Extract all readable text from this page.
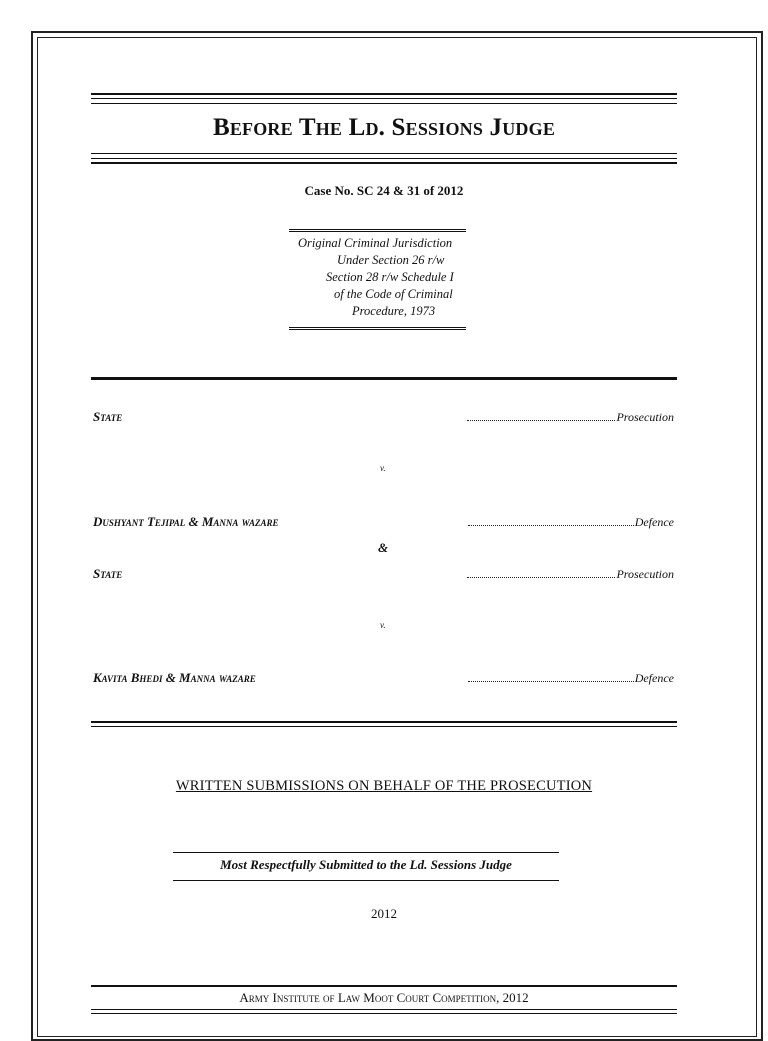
Before The Ld. Sessions Judge
Case No. SC 24 & 31 of 2012
Original Criminal Jurisdiction
Under Section 26 r/w
Section 28 r/w Schedule I
of the Code of Criminal
Procedure, 1973
State	Prosecution
v.
Dushyant Tejipal & Manna wazare	Defence
&
State	Prosecution
v.
Kavita Bhedi & Manna wazare	Defence
WRITTEN SUBMISSIONS ON BEHALF OF THE PROSECUTION
Most Respectfully Submitted to the Ld. Sessions Judge
2012
Army Institute of Law Moot Court Competition, 2012
